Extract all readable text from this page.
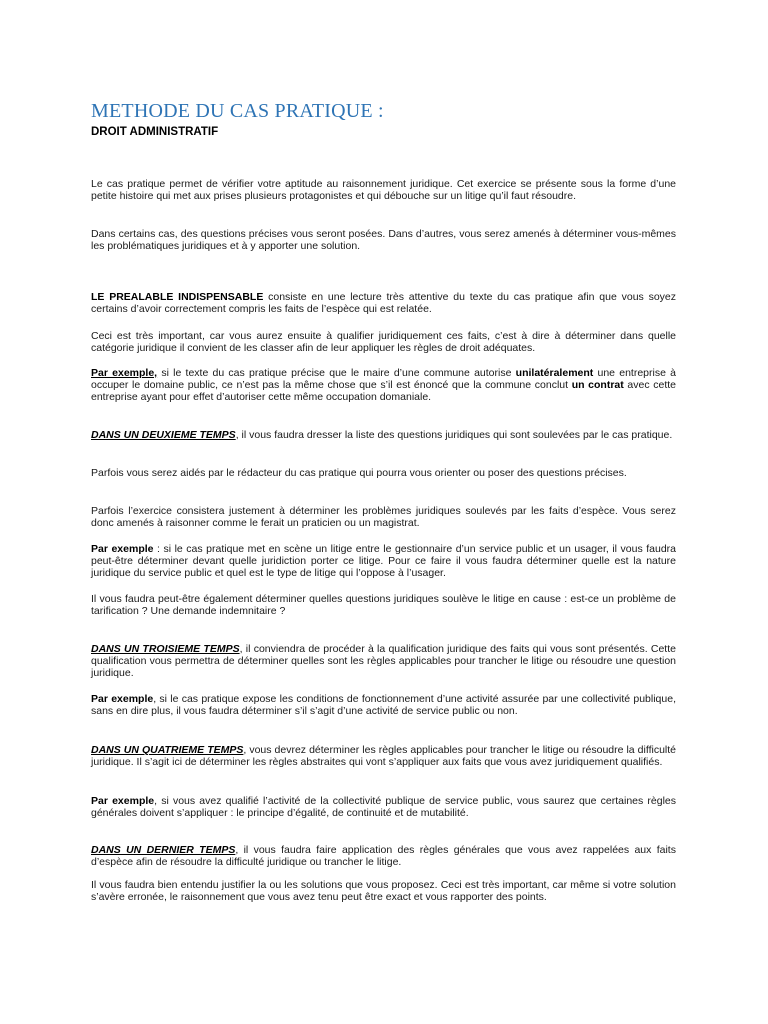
METHODE DU CAS PRATIQUE :
DROIT ADMINISTRATIF

Le cas pratique permet de vérifier votre aptitude au raisonnement juridique. Cet exercice se présente sous la forme d’une petite histoire qui met aux prises plusieurs protagonistes et qui débouche sur un litige qu’il faut résoudre.

Dans certains cas, des questions précises vous seront posées. Dans d’autres, vous serez amenés à déterminer vous-mêmes les problématiques juridiques et à y apporter une solution.

LE PREALABLE INDISPENSABLE consiste en une lecture très attentive du texte du cas pratique afin que vous soyez certains d’avoir correctement compris les faits de l’espèce qui est relatée.

Ceci est très important, car vous aurez ensuite à qualifier juridiquement ces faits, c’est à dire à déterminer dans quelle catégorie juridique il convient de les classer afin de leur appliquer les règles de droit adéquates.

Par exemple, si le texte du cas pratique précise que le maire d’une commune autorise unilatéralement une entreprise à occuper le domaine public, ce n’est pas la même chose que s’il est énoncé que la commune conclut un contrat avec cette entreprise ayant pour effet d’autoriser cette même occupation domaniale.

DANS UN DEUXIEME TEMPS, il vous faudra dresser la liste des questions juridiques qui sont soulevées par le cas pratique.

Parfois vous serez aidés par le rédacteur du cas pratique qui pourra vous orienter ou poser des questions précises.

Parfois l’exercice consistera justement à déterminer les problèmes juridiques soulevés par les faits d’espèce. Vous serez donc amenés à raisonner comme le ferait un praticien ou un magistrat.

Par exemple : si le cas pratique met en scène un litige entre le gestionnaire d’un service public et un usager, il vous faudra peut-être déterminer devant quelle juridiction porter ce litige. Pour ce faire il vous faudra déterminer quelle est la nature juridique du service public et quel est le type de litige qui l’oppose à l’usager.

Il vous faudra peut-être également déterminer quelles questions juridiques soulève le litige en cause : est-ce un problème de tarification ? Une demande indemnitaire ?

DANS UN TROISIEME TEMPS, il conviendra de procéder à la qualification juridique des faits qui vous sont présentés. Cette qualification vous permettra de déterminer quelles sont les règles applicables pour trancher le litige ou résoudre une question juridique.

Par exemple, si le cas pratique expose les conditions de fonctionnement d’une activité assurée par une collectivité publique, sans en dire plus, il vous faudra déterminer s’il s’agit d’une activité de service public ou non.

DANS UN QUATRIEME TEMPS, vous devrez déterminer les règles applicables pour trancher le litige ou résoudre la difficulté juridique. Il s’agit ici de déterminer les règles abstraites qui vont s’appliquer aux faits que vous avez juridiquement qualifiés.

Par exemple, si vous avez qualifié l’activité de la collectivité publique de service public, vous saurez que certaines règles générales doivent s’appliquer : le principe d’égalité, de continuité et de mutabilité.

DANS UN DERNIER TEMPS, il vous faudra faire application des règles générales que vous avez rappelées aux faits d’espèce afin de résoudre la difficulté juridique ou trancher le litige.

Il vous faudra bien entendu justifier la ou les solutions que vous proposez. Ceci est très important, car même si votre solution s’avère erronée, le raisonnement que vous avez tenu peut être exact et vous rapporter des points.
